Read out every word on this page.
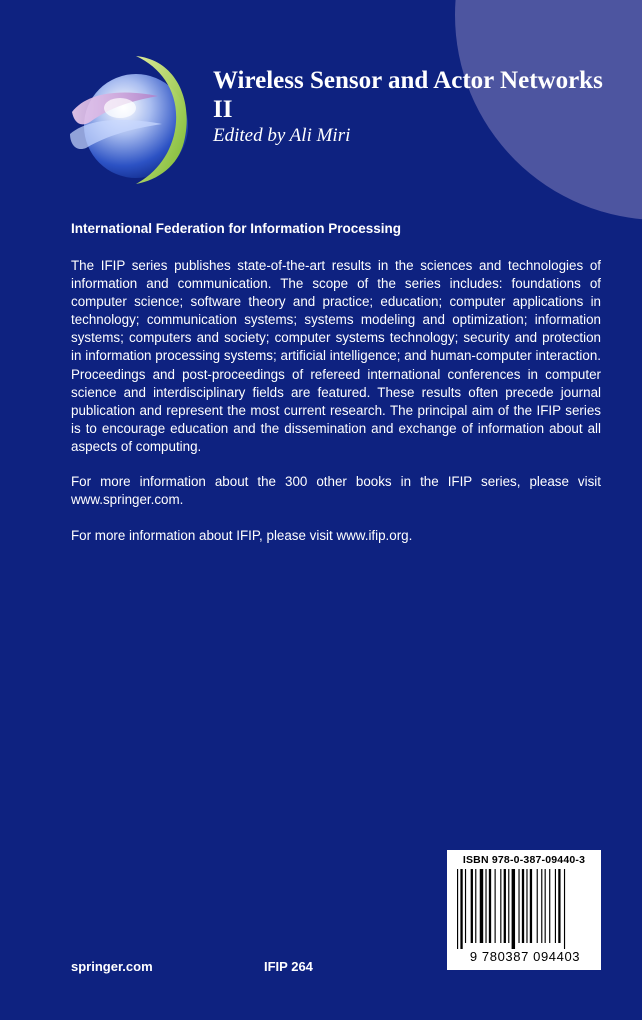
Wireless Sensor and Actor Networks II
Edited by Ali Miri
International Federation for Information Processing

The IFIP series publishes state-of-the-art results in the sciences and technologies of information and communication. The scope of the series includes: foundations of computer science; software theory and practice; education; computer applications in technology; communication systems; systems modeling and optimization; information systems; computers and society; computer systems technology; security and protection in information processing systems; artificial intelligence; and human-computer interaction. Proceedings and post-proceedings of refereed international conferences in computer science and interdisciplinary fields are featured. These results often precede journal publication and represent the most current research. The principal aim of the IFIP series is to encourage education and the dissemination and exchange of information about all aspects of computing.

For more information about the 300 other books in the IFIP series, please visit www.springer.com.

For more information about IFIP, please visit www.ifip.org.

springer.com	IFIP 264
ISBN 978-0-387-09440-3
9 780387 094403
